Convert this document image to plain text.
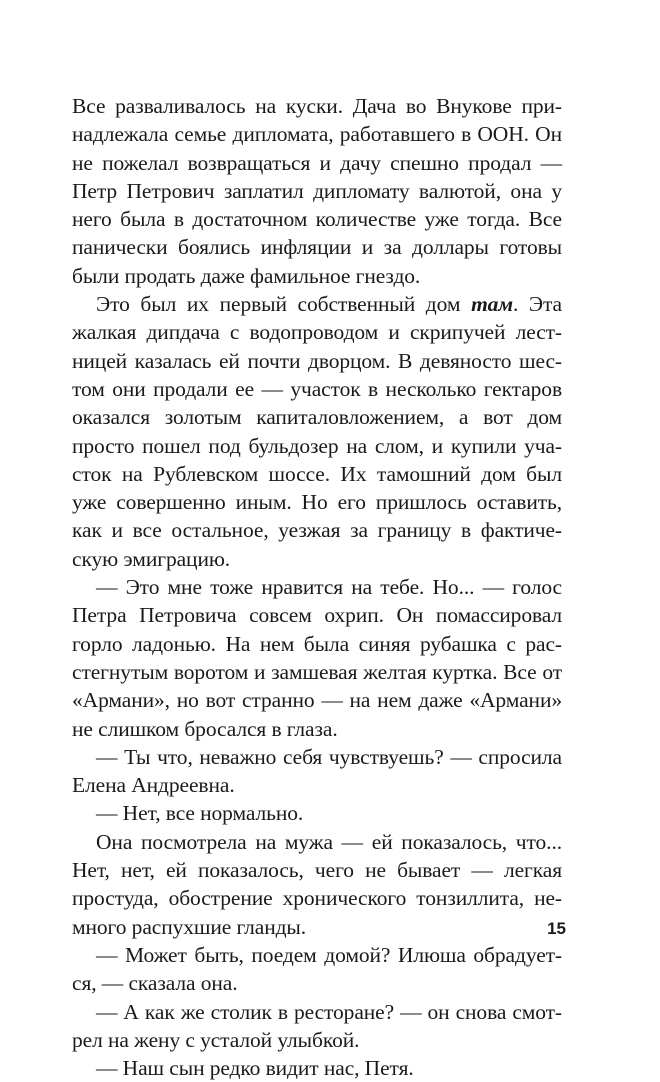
Все разваливалось на куски. Дача во Внукове при-
надлежала семье дипломата, работавшего в ООН. Он
не пожелал возвращаться и дачу спешно продал —
Петр Петрович заплатил дипломату валютой, она у
него была в достаточном количестве уже тогда. Все
панически боялись инфляции и за доллары готовы
были продать даже фамильное гнездо.
Это был их первый собственный дом там. Эта
жалкая дипдача с водопроводом и скрипучей лест-
ницей казалась ей почти дворцом. В девяносто шес-
том они продали ее — участок в несколько гектаров
оказался золотым капиталовложением, а вот дом
просто пошел под бульдозер на слом, и купили уча-
сток на Рублевском шоссе. Их тамошний дом был
уже совершенно иным. Но его пришлось оставить,
как и все остальное, уезжая за границу в фактиче-
скую эмиграцию.
— Это мне тоже нравится на тебе. Но... — голос
Петра Петровича совсем охрип. Он помассировал
горло ладонью. На нем была синяя рубашка с рас-
стегнутым воротом и замшевая желтая куртка. Все от
«Армани», но вот странно — на нем даже «Армани»
не слишком бросался в глаза.
— Ты что, неважно себя чувствуешь? — спросила
Елена Андреевна.
— Нет, все нормально.
Она посмотрела на мужа — ей показалось, что...
Нет, нет, ей показалось, чего не бывает — легкая
простуда, обострение хронического тонзиллита, не-
много распухшие гланды.
— Может быть, поедем домой? Илюша обрадует-
ся, — сказала она.
— А как же столик в ресторане? — он снова смот-
рел на жену с усталой улыбкой.
— Наш сын редко видит нас, Петя.
15
